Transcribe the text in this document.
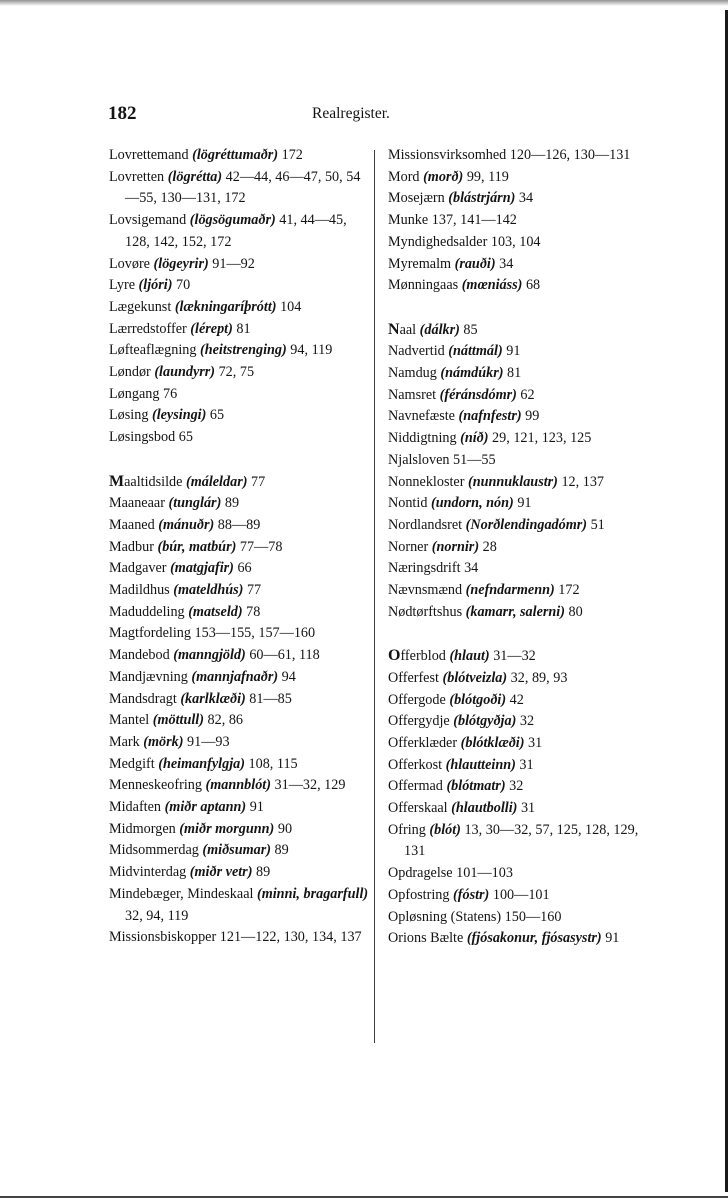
182	Realregister.
Lovrettemand (lögréttumaðr) 172
Lovretten (lögrétta) 42—44, 46—47, 50, 54—55, 130—131, 172
Lovsigemand (lögsögumaðr) 41, 44—45, 128, 142, 152, 172
Lovøre (lögeyrir) 91—92
Lyre (ljóri) 70
Lægekunst (lækningaríþrótt) 104
Lærredstoffer (lérept) 81
Løfteaflægning (heitstrenging) 94, 119
Løndør (laundyrr) 72, 75
Løngang 76
Løsing (leysingi) 65
Løsingsbod 65
Maaltidsilde (máleldar) 77
Maaneaar (tunglár) 89
Maaned (mánuðr) 88—89
Madbur (búr, matbúr) 77—78
Madgaver (matgjafir) 66
Madildhus (mateldhús) 77
Maduddeling (matseld) 78
Magtfordeling 153—155, 157—160
Mandebod (manngjöld) 60—61, 118
Mandjævning (mannjafnaðr) 94
Mandsdragt (karlklæði) 81—85
Mantel (möttull) 82, 86
Mark (mörk) 91—93
Medgift (heimanfylgja) 108, 115
Menneskeofring (mannblót) 31—32, 129
Midaften (miðr aptann) 91
Midmorgen (miðr morgunn) 90
Midsommerdag (miðsumar) 89
Midvinterdag (miðr vetr) 89
Mindebæger, Mindeskaal (minni, bragarfull) 32, 94, 119
Missionsbiskopper 121—122, 130, 134, 137
Missionsvirksomhed 120—126, 130—131
Mord (morð) 99, 119
Mosejærn (blástrjárn) 34
Munke 137, 141—142
Myndighedsalder 103, 104
Myremalm (rauði) 34
Mønningaas (mœniáss) 68
Naal (dálkr) 85
Nadvertid (náttmál) 91
Namdug (námdúkr) 81
Namsret (féránsdómr) 62
Navnefæste (nafnfestr) 99
Niddigtning (níð) 29, 121, 123, 125
Njalsloven 51—55
Nonnekloster (nunnuklaustr) 12, 137
Nontid (undorn, nón) 91
Nordlandsret (Norðlendingadómr) 51
Norner (nornir) 28
Næringsdrift 34
Nævnsmænd (nefndarmenn) 172
Nødtørftshus (kamarr, salerni) 80
Offerblod (hlaut) 31—32
Offerfest (blótveizla) 32, 89, 93
Offergode (blótgoði) 42
Offergydje (blótgyðja) 32
Offerklæder (blótklæði) 31
Offerkost (hlautteinn) 31
Offermad (blótmatr) 32
Offerskaal (hlautbolli) 31
Ofring (blót) 13, 30—32, 57, 125, 128, 129, 131
Opdragelse 101—103
Opfostring (fóstr) 100—101
Opløsning (Statens) 150—160
Orions Bælte (fjósakonur, fjósasystr) 91
